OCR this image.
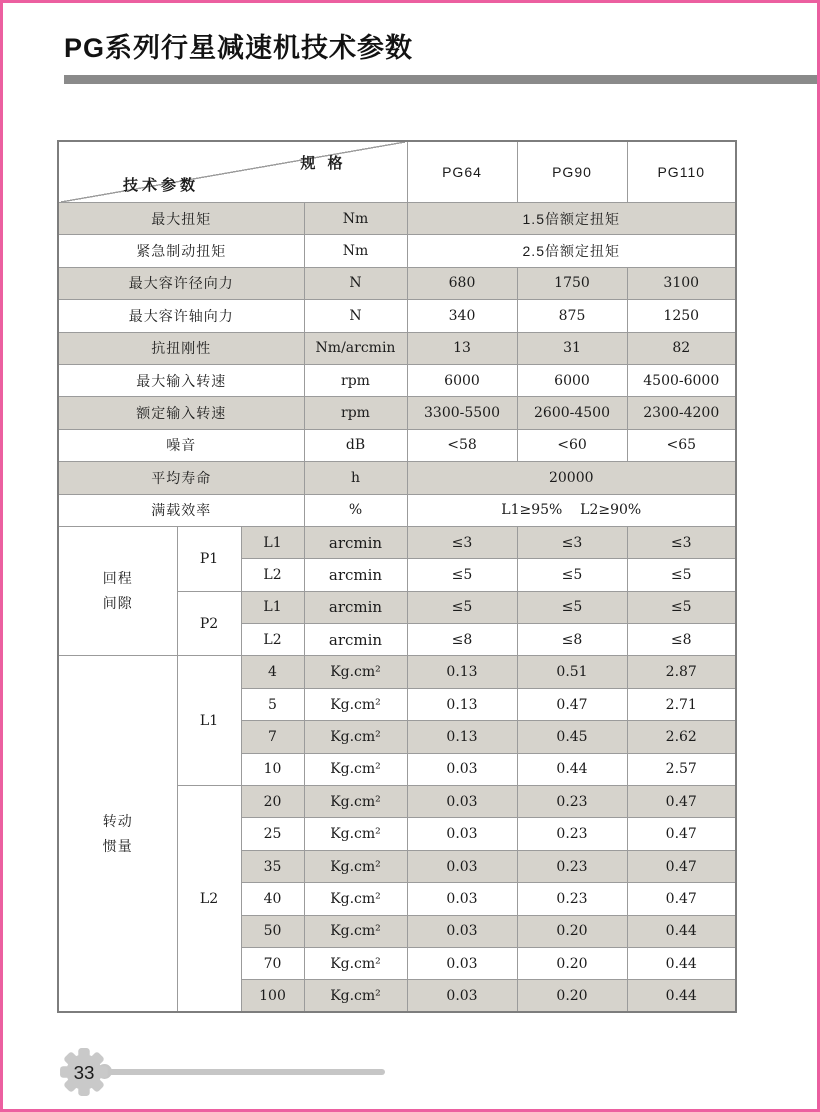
PG系列行星减速机技术参数
规 格
技术参数				PG64	PG90	PG110
最大扭矩			Nm	1.5倍额定扭矩		
紧急制动扭矩			Nm	2.5倍额定扭矩		
最大容许径向力			N	680	1750	3100
最大容许轴向力			N	340	875	1250
抗扭刚性			Nm/arcmin	13	31	82
最大输入转速			rpm	6000	6000	4500-6000
额定输入转速			rpm	3300-5500	2600-4500	2300-4200
噪音			dB	<58	<60	<65
平均寿命			h	20000		
满载效率			%	L1≥95%    L2≥90%		

回程
间隙	P1	L1	arcmin	≤3	≤3	≤3
		L2	arcmin	≤5	≤5	≤5
	P2	L1	arcmin	≤5	≤5	≤5
		L2	arcmin	≤8	≤8	≤8

转动
惯量	L1	4	Kg.cm²	0.13	0.51	2.87
		5	Kg.cm²	0.13	0.47	2.71
		7	Kg.cm²	0.13	0.45	2.62
		10	Kg.cm²	0.03	0.44	2.57
	L2	20	Kg.cm²	0.03	0.23	0.47
		25	Kg.cm²	0.03	0.23	0.47
		35	Kg.cm²	0.03	0.23	0.47
		40	Kg.cm²	0.03	0.23	0.47
		50	Kg.cm²	0.03	0.20	0.44
		70	Kg.cm²	0.03	0.20	0.44
		100	Kg.cm²	0.03	0.20	0.44
33
